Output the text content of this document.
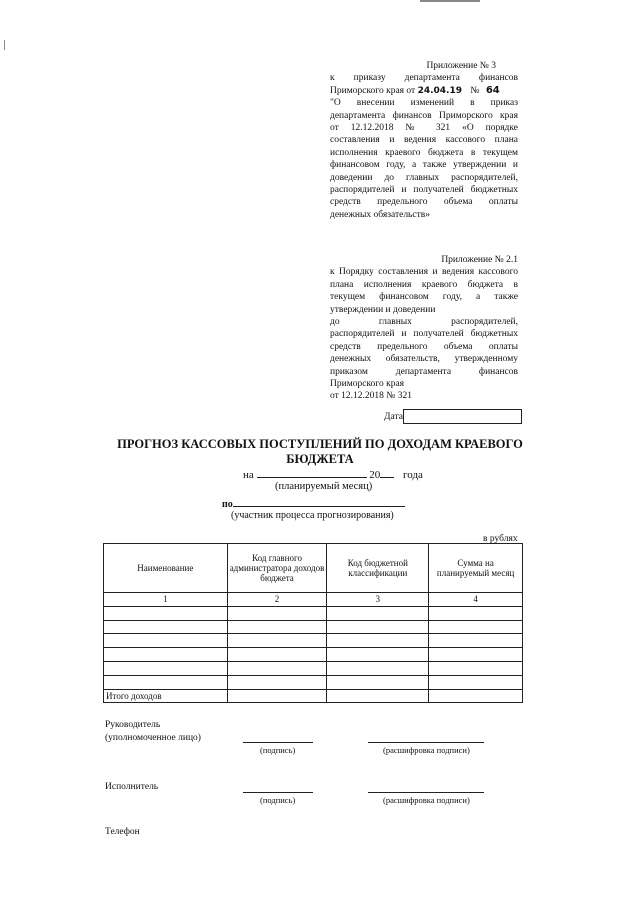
Приложение № 3
к приказу департамента финансов
Приморского края от 24.04.19 № 64
"О внесении изменений в приказ
департамента финансов Приморского края
от 12.12.2018 № 321 «О порядке
составления и ведения кассового плана
исполнения краевого бюджета в текущем
финансовом году, а также утверждении и
доведении до главных распорядителей,
распорядителей и получателей бюджетных
средств предельного объема оплаты
денежных обязательств»
Приложение № 2.1
к Порядку составления и ведения кассового
плана исполнения краевого бюджета в
текущем финансовом году, а также
утверждении и доведении
до главных распорядителей,
распорядителей и получателей бюджетных
средств предельного объема оплаты
денежных обязательств, утвержденному
приказом департамента финансов
Приморского края
от 12.12.2018 № 321
Дата
ПРОГНОЗ КАССОВЫХ ПОСТУПЛЕНИЙ ПО ДОХОДАМ КРАЕВОГО
БЮДЖЕТА
на	20 года
(планируемый месяц)
по
(участник процесса прогнозирования)
в рублях
Наименование	Код главного администратора доходов бюджета	Код бюджетной классификации	Сумма на планируемый месяц
1	2	3	4

Итого доходов			
Руководитель
(уполномоченное лицо)
(подпись)	(расшифровка подписи)
Исполнитель
(подпись)	(расшифровка подписи)
Телефон
